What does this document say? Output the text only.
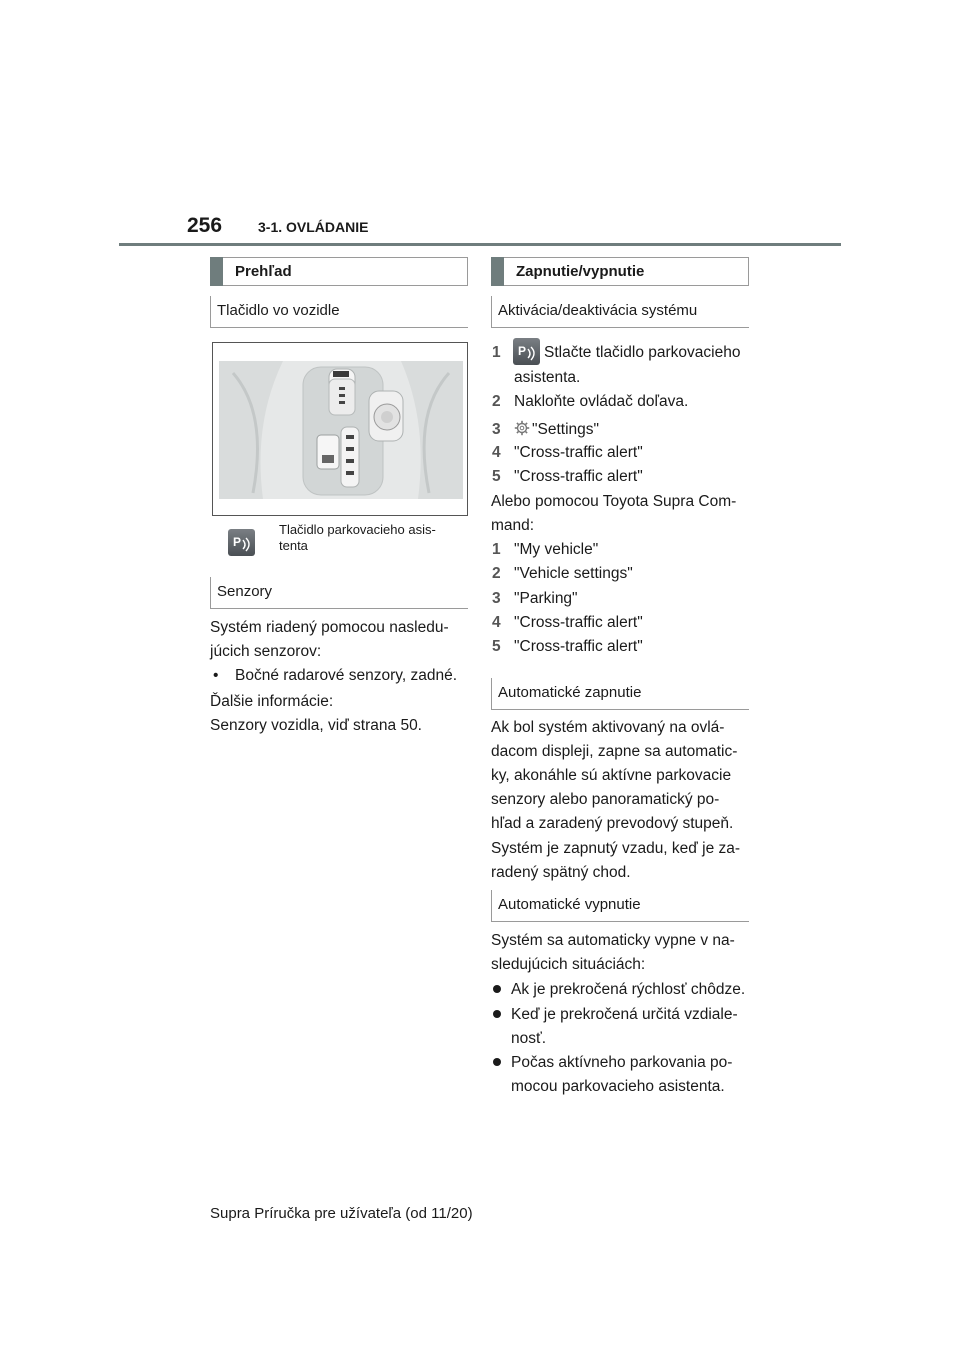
256	3-1. OVLÁDANIE
Prehľad
Tlačidlo vo vozidle
P
Tlačidlo parkovacieho asis-
tenta
Senzory
Systém riadený pomocou nasledu-
júcich senzorov:
• Bočné radarové senzory, zadné.
Ďalšie informácie:
Senzory vozidla, viď strana 50.
Zapnutie/vypnutie
Aktivácia/deaktivácia systému
1	P Stlačte tlačidlo parkovacieho
asistenta.
2 Nakloňte ovládač doľava.
3 "Settings"
4 "Cross-traffic alert"
5 "Cross-traffic alert"
Alebo pomocou Toyota Supra Com-
mand:
1 "My vehicle"
2 "Vehicle settings"
3 "Parking"
4 "Cross-traffic alert"
5 "Cross-traffic alert"
Automatické zapnutie
Ak bol systém aktivovaný na ovlá-
dacom displeji, zapne sa automatic-
ky, akonáhle sú aktívne parkovacie
senzory alebo panoramatický po-
hľad a zaradený prevodový stupeň.
Systém je zapnutý vzadu, keď je za-
radený spätný chod.
Automatické vypnutie
Systém sa automaticky vypne v na-
sledujúcich situáciách:
Ak je prekročená rýchlosť chôdze.
Keď je prekročená určitá vzdiale-
nosť.
Počas aktívneho parkovania po-
mocou parkovacieho asistenta.
Supra Príručka pre užívateľa (od 11/20)
